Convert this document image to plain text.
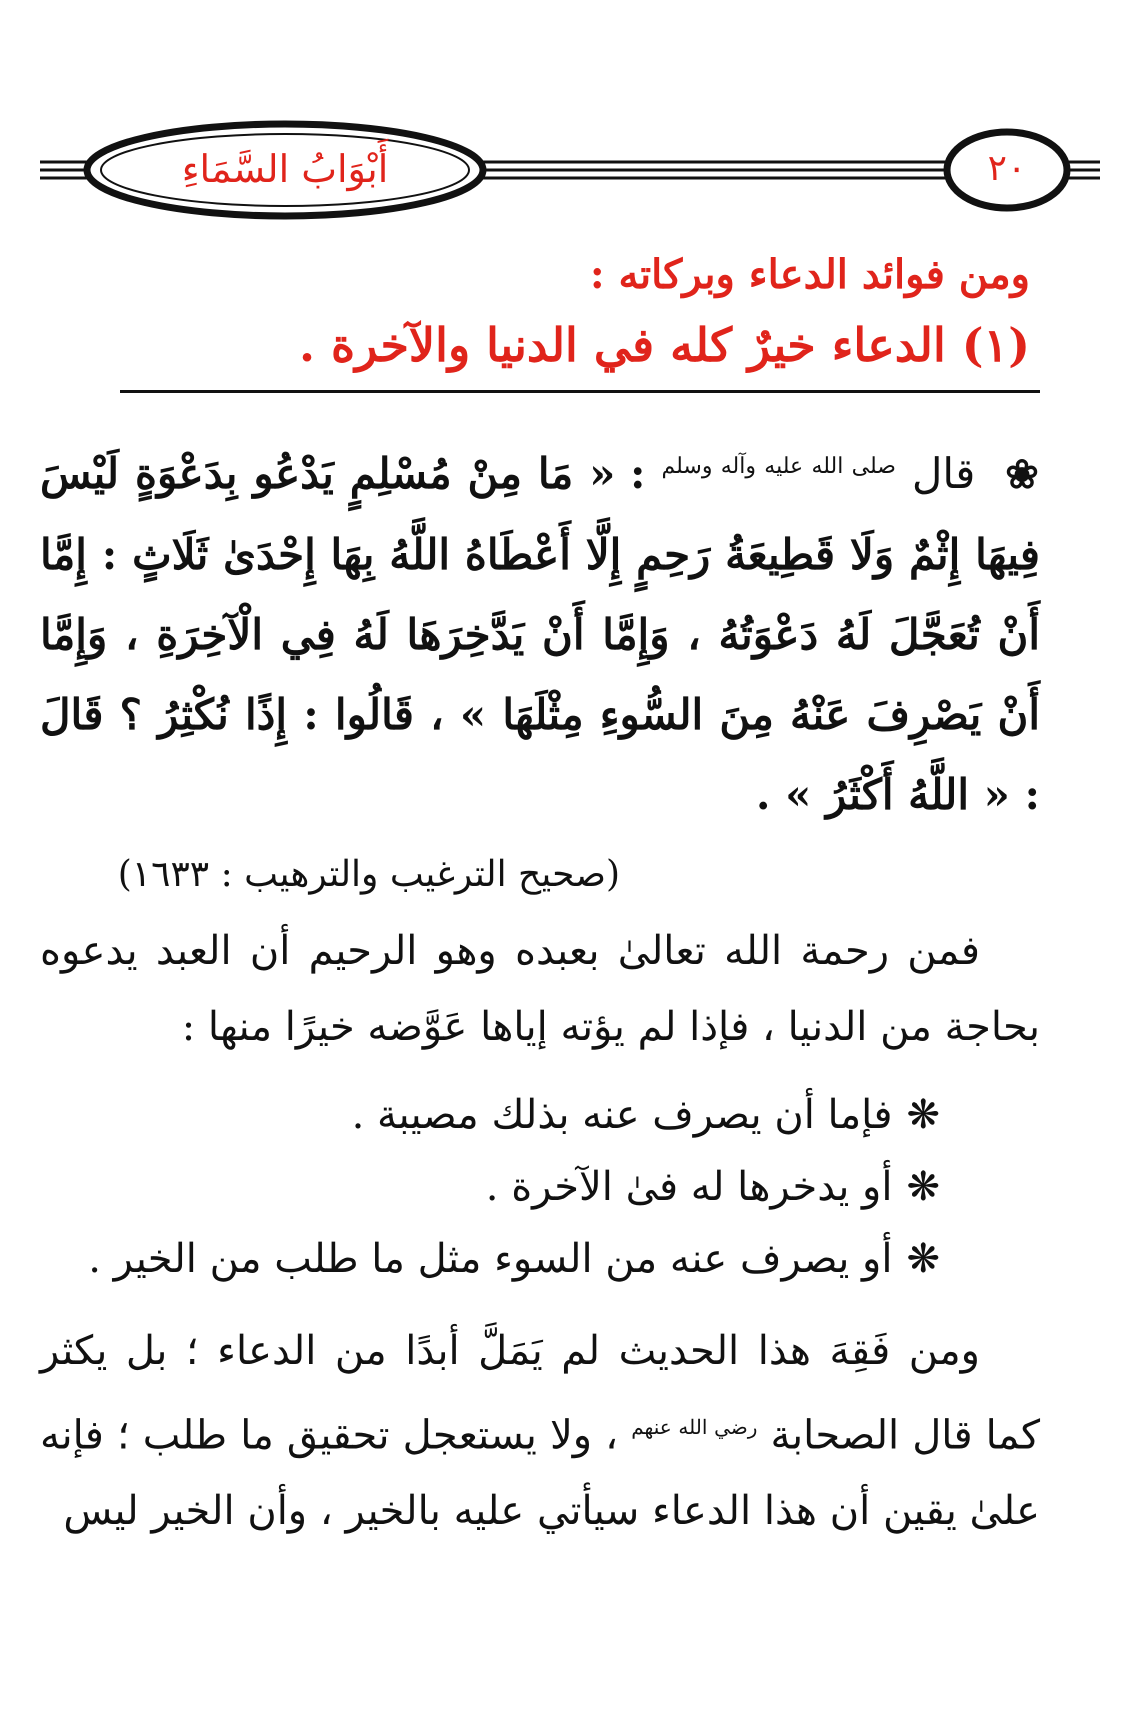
أَبْوَابُ السَّمَاءِ	٢٠
ومن فوائد الدعاء وبركاته :
(١) الدعاء خيرٌ كله في الدنيا والآخرة .
❀ قال $^{صلى الله عليه وآله وسلم}$ : « مَا مِنْ مُسْلِمٍ يَدْعُو بِدَعْوَةٍ لَيْسَ فِيهَا إِثْمٌ وَلَا قَطِيعَةُ رَحِمٍ إِلَّا أَعْطَاهُ اللَّهُ بِهَا إِحْدَىٰ ثَلَاثٍ : إِمَّا أَنْ تُعَجَّلَ لَهُ دَعْوَتُهُ ، وَإِمَّا أَنْ يَدَّخِرَهَا لَهُ فِي الْآخِرَةِ ، وَإِمَّا أَنْ يَصْرِفَ عَنْهُ مِنَ السُّوءِ مِثْلَهَا » ، قَالُوا : إِذًا نُكْثِرُ ؟ قَالَ : « اللَّهُ أَكْثَرُ » .
(صحيح الترغيب والترهيب : ١٦٣٣)
فمن رحمة الله تعالىٰ بعبده وهو الرحيم أن العبد يدعوه بحاجة من الدنيا ، فإذا لم يؤته إياها عَوَّضه خيرًا منها :
❋فإما أن يصرف عنه بذلك مصيبة .
❋أو يدخرها له فىٰ الآخرة .
❋أو يصرف عنه من السوء مثل ما طلب من الخير .
ومن فَقِهَ هذا الحديث لم يَمَلَّ أبدًا من الدعاء ؛ بل يكثر كما قال الصحابة $^{رضي الله عنهم}$ ، ولا يستعجل تحقيق ما طلب ؛ فإنه علىٰ يقين أن هذا الدعاء سيأتي عليه بالخير ، وأن الخير ليس
